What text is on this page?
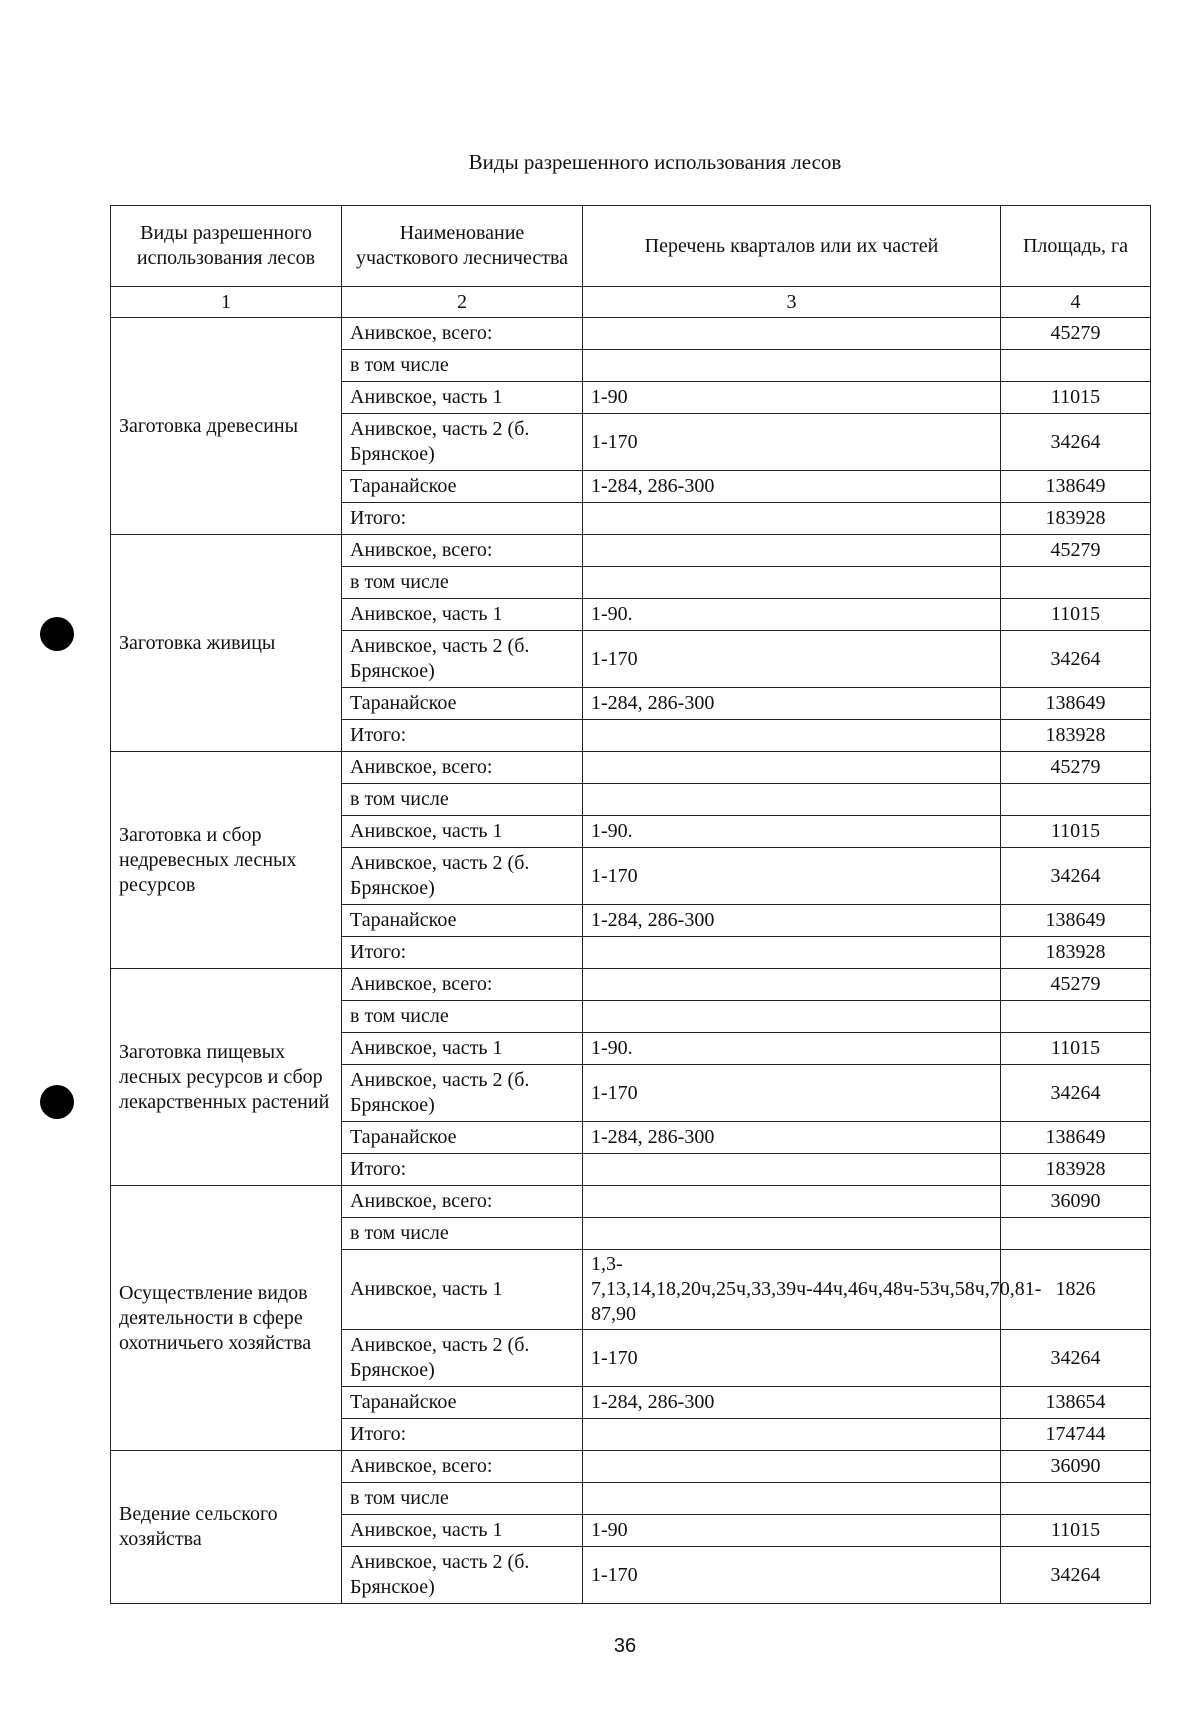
Виды разрешенного использования лесов
Виды разрешенного использования лесов	Наименование участкового лесничества	Перечень кварталов или их частей	Площадь, га
1	2	3	4
Заготовка древесины	Анивское, всего:		45279
	в том числе		
	Анивское, часть 1	1-90	11015
	Анивское, часть 2 (б. Брянское)	1-170	34264
	Таранайское	1-284, 286-300	138649
	Итого:		183928
Заготовка живицы	Анивское, всего:		45279
	в том числе		
	Анивское, часть 1	1-90.	11015
	Анивское, часть 2 (б. Брянское)	1-170	34264
	Таранайское	1-284, 286-300	138649
	Итого:		183928
Заготовка и сбор недревесных лесных ресурсов	Анивское, всего:		45279
	в том числе		
	Анивское, часть 1	1-90.	11015
	Анивское, часть 2 (б. Брянское)	1-170	34264
	Таранайское	1-284, 286-300	138649
	Итого:		183928
Заготовка пищевых лесных ресурсов и сбор лекарственных растений	Анивское, всего:		45279
	в том числе		
	Анивское, часть 1	1-90.	11015
	Анивское, часть 2 (б. Брянское)	1-170	34264
	Таранайское	1-284, 286-300	138649
	Итого:		183928
Осуществление видов деятельности в сфере охотничьего хозяйства	Анивское, всего:		36090
	в том числе		
	Анивское, часть 1	1,3-7,13,14,18,20ч,25ч,33,39ч-44ч,46ч,48ч-53ч,58ч,70,81-87,90	1826
	Анивское, часть 2 (б. Брянское)	1-170	34264
	Таранайское	1-284, 286-300	138654
	Итого:		174744
Ведение сельского хозяйства	Анивское, всего:		36090
	в том числе		
	Анивское, часть 1	1-90	11015
	Анивское, часть 2 (б. Брянское)	1-170	34264
36
